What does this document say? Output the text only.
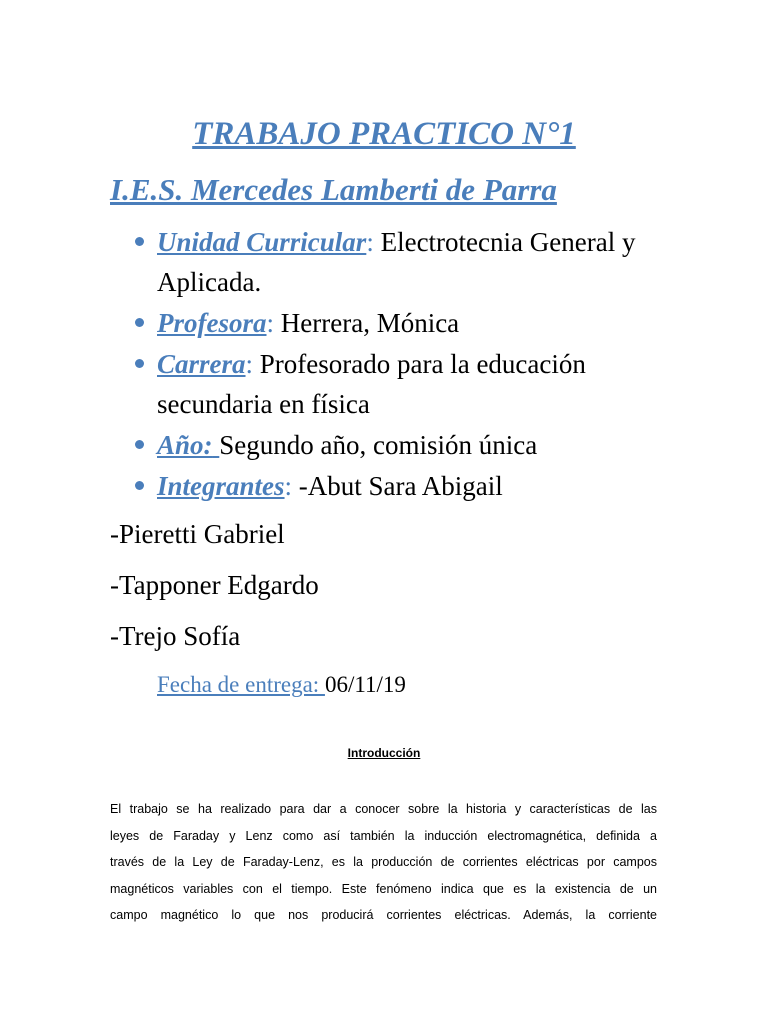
TRABAJO PRACTICO N°1
I.E.S. Mercedes Lamberti de Parra
Unidad Curricular: Electrotecnia General y Aplicada.
Profesora: Herrera, Mónica
Carrera: Profesorado para la educación secundaria en física
Año: Segundo año, comisión única
Integrantes: -Abut Sara Abigail
-Pieretti Gabriel
-Tapponer Edgardo
-Trejo Sofía
Fecha de entrega: 06/11/19
Introducción
El trabajo se ha realizado para dar a conocer sobre la historia y características de las
leyes de Faraday y Lenz como así también la inducción electromagnética, definida a
través de la Ley de Faraday-Lenz, es la producción de corrientes eléctricas por campos
magnéticos variables con el tiempo. Este fenómeno indica que es la existencia de un
campo magnético lo que nos producirá corrientes eléctricas. Además, la corriente
